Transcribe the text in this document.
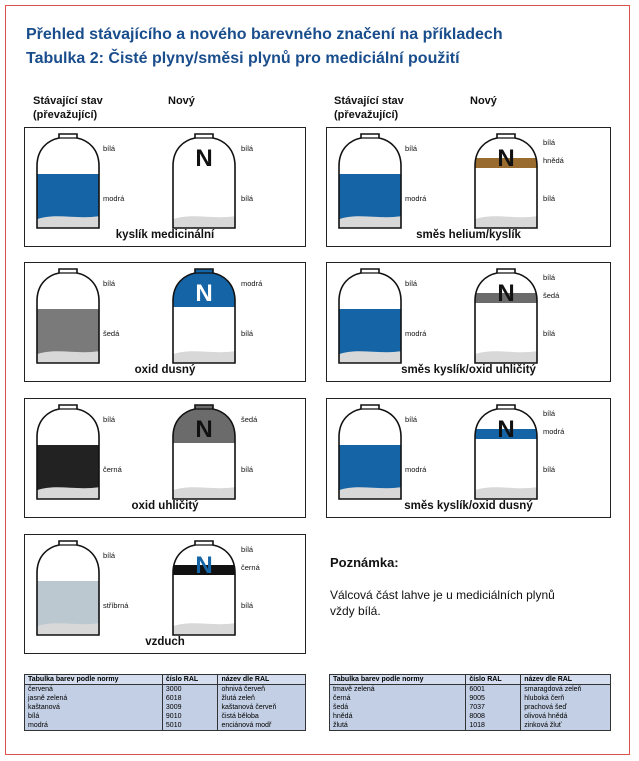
Přehled stávajícího a nového barevného značení na příkladech
Tabulka 2: Čisté plyny/směsi plynů pro mediciální použití
Stávající stav
(převažující)
Nový	Stávající stav
(převažující)
Nový
bílá
modrá
N	bílá
bílá
kyslík medicinální
bílá
modrá
N
bílá
hnědá
bílá
směs helium/kyslík
bílá
šedá
N	modrá
bílá
oxid dusný
bílá
modrá
N
bílá
šedá
bílá
směs kyslík/oxid uhličitý
bílá
černá
N	šedá
bílá
oxid uhličitý
bílá
modrá
N
bílá
modrá
bílá
směs kyslík/oxid dusný
bílá
stříbrná
N
bílá
černá
bílá
vzduch
Poznámka:
Válcová část lahve je u mediciálních plynů vždy bílá.
Tabulka barev podle normy	číslo RAL	název dle RAL
červená	3000	ohnivá červeň
jasně zelená	6018	žlutá zeleň
kaštanová	3009	kaštanová červeň
bílá	9010	čistá běloba
modrá	5010	enciánová modř
Tabulka barev podle normy	číslo RAL	název dle RAL
tmavě zelená	6001	smaragdová zeleň
černá	9005	hluboká čerň
šedá	7037	prachová šeď
hnědá	8008	olivová hnědá
žlutá	1018	zinková žluť
